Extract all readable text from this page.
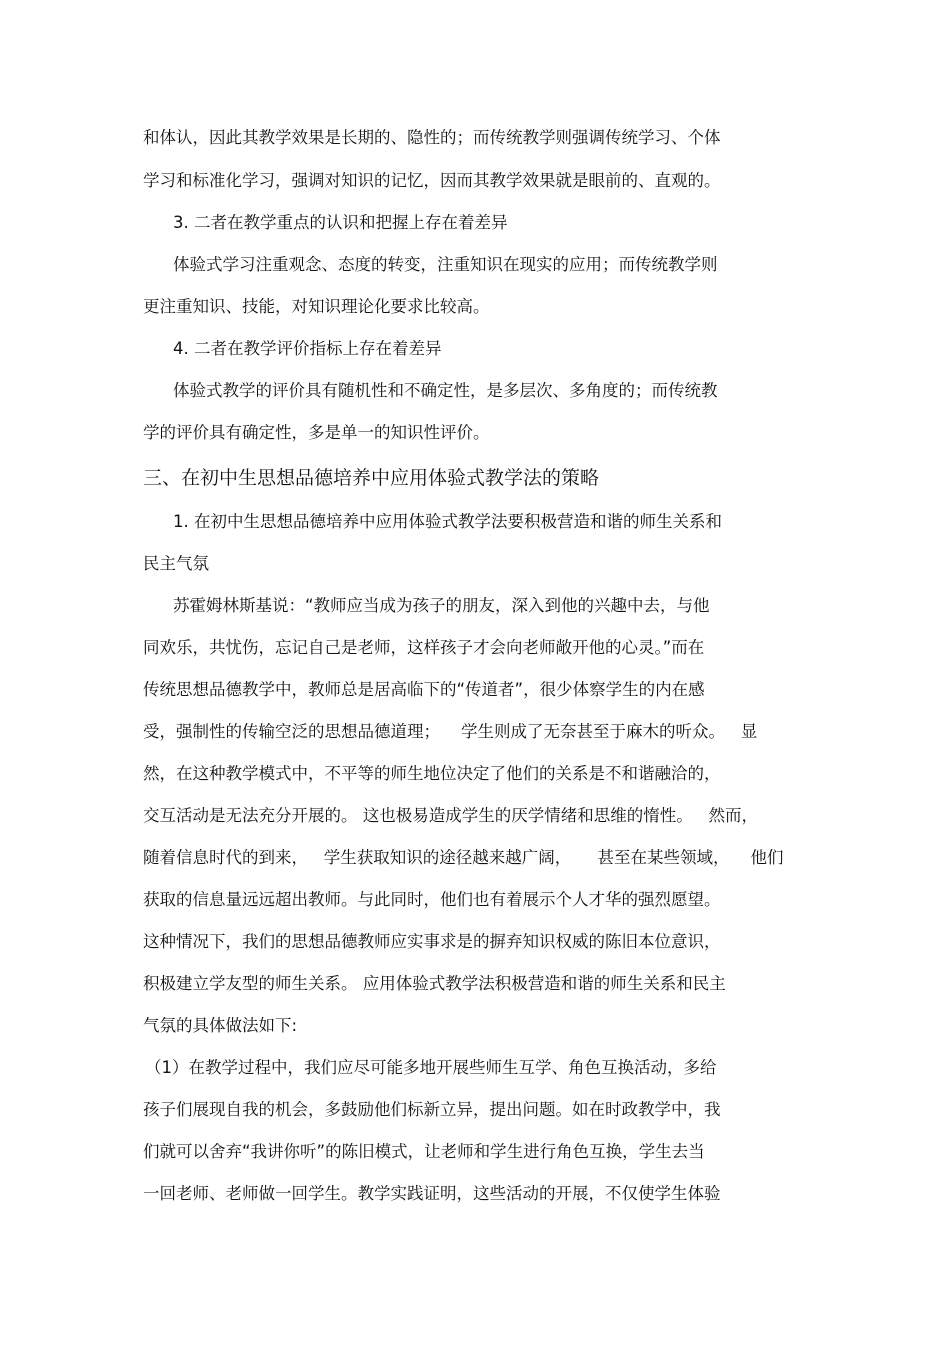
和体认，因此其教学效果是长期的、隐性的；而传统教学则强调传统学习、个体
学习和标准化学习，强调对知识的记忆，因而其教学效果就是眼前的、直观的。
3. 二者在教学重点的认识和把握上存在着差异
体验式学习注重观念、态度的转变，注重知识在现实的应用；而传统教学则
更注重知识、技能，对知识理论化要求比较高。
4. 二者在教学评价指标上存在着差异
体验式教学的评价具有随机性和不确定性，是多层次、多角度的；而传统教
学的评价具有确定性，多是单一的知识性评价。
三、在初中生思想品德培养中应用体验式教学法的策略
1. 在初中生思想品德培养中应用体验式教学法要积极营造和谐的师生关系和
民主气氛
苏霍姆林斯基说：“教师应当成为孩子的朋友，深入到他的兴趣中去，与他
同欢乐，共忧伤，忘记自己是老师，这样孩子才会向老师敞开他的心灵。”而在
传统思想品德教学中，教师总是居高临下的“传道者”，很少体察学生的内在感
受，强制性的传输空泛的思想品德道理；    学生则成了无奈甚至于麻木的听众。   显
然，在这种教学模式中，不平等的师生地位决定了他们的关系是不和谐融洽的，
交互活动是无法充分开展的。 这也极易造成学生的厌学情绪和思维的惰性。   然而，
随着信息时代的到来，   学生获取知识的途径越来越广阔，     甚至在某些领域，    他们
获取的信息量远远超出教师。与此同时，他们也有着展示个人才华的强烈愿望。
这种情况下，我们的思想品德教师应实事求是的摒弃知识权威的陈旧本位意识，
积极建立学友型的师生关系。 应用体验式教学法积极营造和谐的师生关系和民主
气氛的具体做法如下:
（1）在教学过程中，我们应尽可能多地开展些师生互学、角色互换活动，多给
孩子们展现自我的机会，多鼓励他们标新立异，提出问题。如在时政教学中，我
们就可以舍弃“我讲你听”的陈旧模式，让老师和学生进行角色互换，学生去当
一回老师、老师做一回学生。教学实践证明，这些活动的开展，不仅使学生体验
